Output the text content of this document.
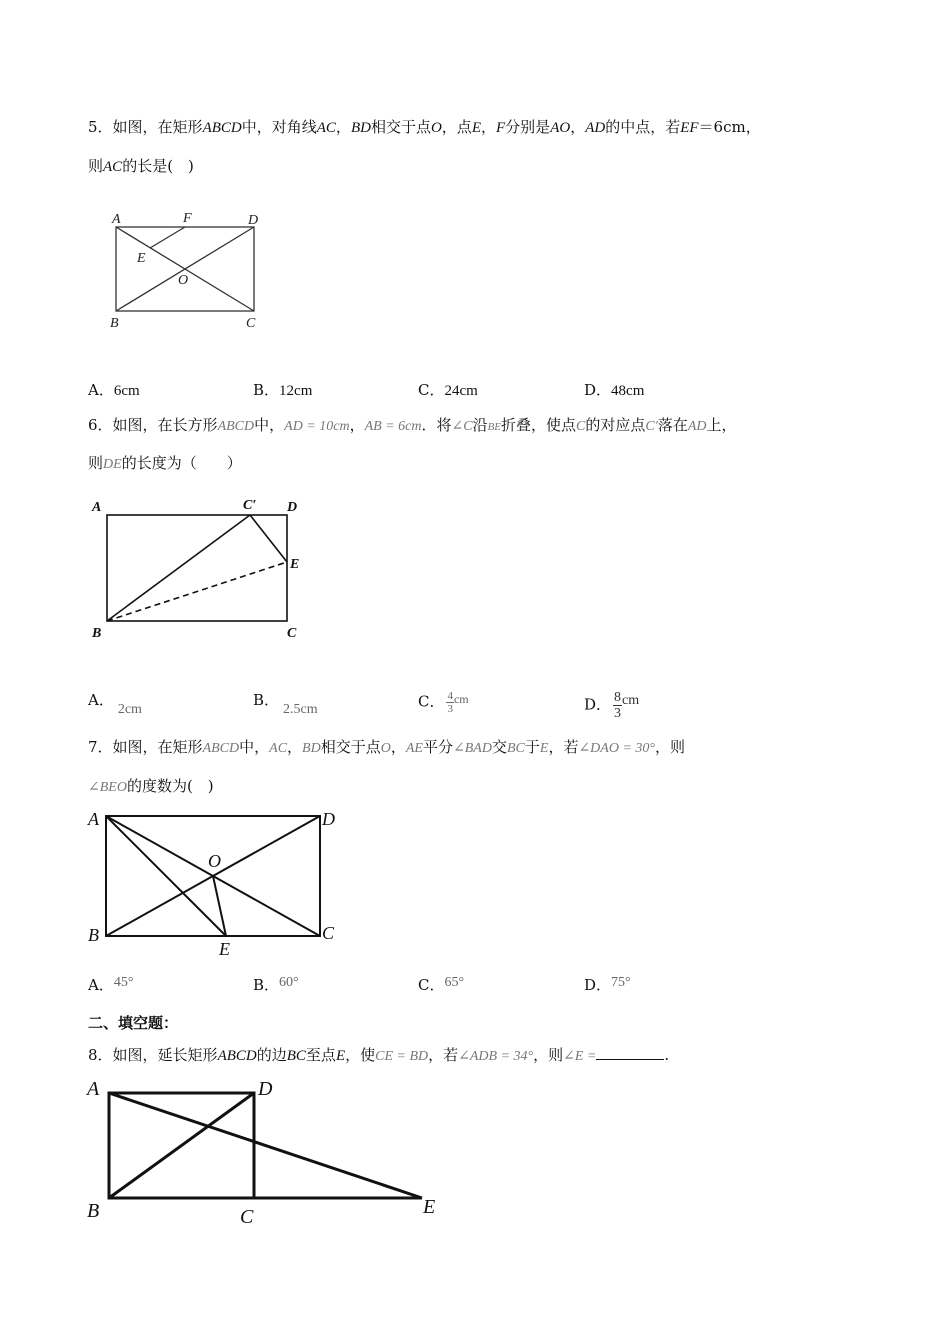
5．如图，在矩形ABCD中，对角线AC，BD相交于点O，点E，F分别是AO，AD的中点，若EF＝6cm，
则AC的长是(　)
A	F	D
E
O
B	C
A．6cm	B．12cm	C．24cm	D．48cm
6．如图，在长方形ABCD中，AD = 10cm，AB = 6cm．将∠C沿BE折叠，使点C的对应点C′落在AD上，
则DE的长度为（　　）
A	C′ D
E
B	C
A．2cm
B．2.5cm	C． $\frac{4}{3} ^{cm}$	D． $\frac{8}{3}$ cm
7．如图，在矩形ABCD中，AC，BD相交于点O，AE平分∠BAD交BC于E，若∠DAO = 30°，则
∠BEO的度数为(　)
A	D
O
B
E
C
A．45°	B．60°	C．65°	D．75°
二、填空题：
8．如图，延长矩形ABCD的边BC至点E，使CE = BD，若∠ADB = 34°，则∠E =	.
A	D
B	C	E
